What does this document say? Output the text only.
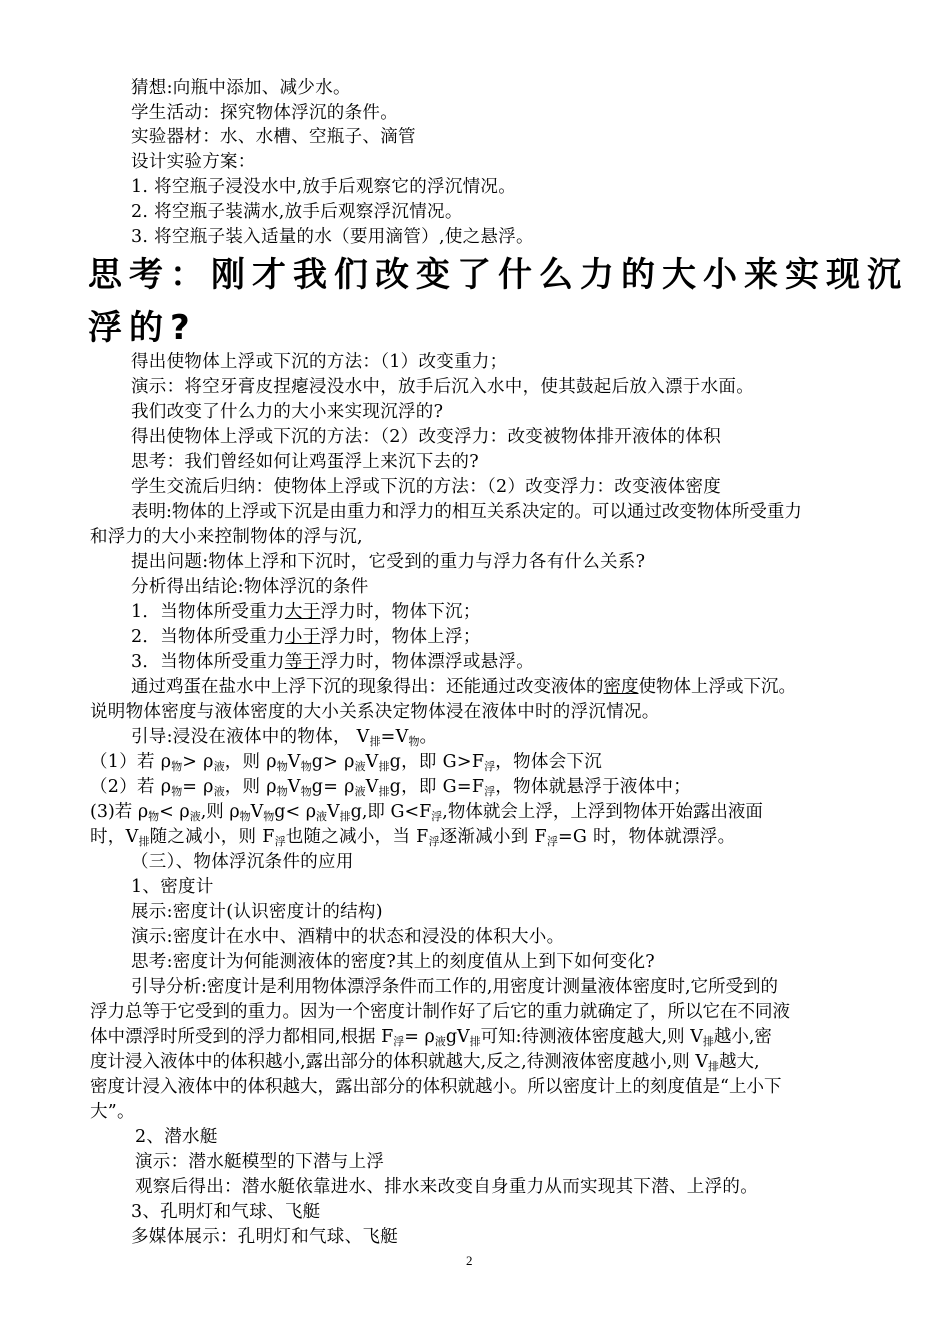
猜想:向瓶中添加、减少水。
学生活动：探究物体浮沉的条件。
实验器材：水、水槽、空瓶子、滴管
设计实验方案：
1. 将空瓶子浸没水中,放手后观察它的浮沉情况。
2. 将空瓶子装满水,放手后观察浮沉情况。
3. 将空瓶子装入适量的水（要用滴管）,使之悬浮。
思考：刚才我们改变了什么力的大小来实现沉
浮的?
得出使物体上浮或下沉的方法：（1）改变重力；
演示：将空牙膏皮捏瘪浸没水中，放手后沉入水中，使其鼓起后放入漂于水面。
我们改变了什么力的大小来实现沉浮的?
得出使物体上浮或下沉的方法：（2）改变浮力：改变被物体排开液体的体积
思考：我们曾经如何让鸡蛋浮上来沉下去的?
学生交流后归纳：使物体上浮或下沉的方法：（2）改变浮力：改变液体密度
表明:物体的上浮或下沉是由重力和浮力的相互关系决定的。可以通过改变物体所受重力
和浮力的大小来控制物体的浮与沉,
提出问题:物体上浮和下沉时，它受到的重力与浮力各有什么关系?
分析得出结论:物体浮沉的条件
1．当物体所受重力大于浮力时，物体下沉；
2．当物体所受重力小于浮力时，物体上浮；
3．当物体所受重力等于浮力时，物体漂浮或悬浮。
通过鸡蛋在盐水中上浮下沉的现象得出：还能通过改变液体的密度使物体上浮或下沉。
说明物体密度与液体密度的大小关系决定物体浸在液体中时的浮沉情况。
引导:浸没在液体中的物体， $V_排=V_物$。
（1）若 $\rho_物> \rho_液$，则 $\rho_物V_物g> \rho_液V_排g$，即 $G>F_浮$，物体会下沉
（2）若 $\rho_物= \rho_液$，则 $\rho_物V_物g= \rho_液V_排g$，即 $G=F_浮$，物体就悬浮于液体中；
(3)若 $\rho_物< \rho_液$,则 $\rho_物V_物g< \rho_液V_排g$,即 $G<F_浮$,物体就会上浮，上浮到物体开始露出液面
时，$V_排$随之减小，则 $F_浮$也随之减小，当 $F_浮$逐渐减小到 $F_浮=G$ 时，物体就漂浮。
（三）、物体浮沉条件的应用
1、密度计
展示:密度计(认识密度计的结构)
演示:密度计在水中、酒精中的状态和浸没的体积大小。
思考:密度计为何能测液体的密度?其上的刻度值从上到下如何变化?
引导分析:密度计是利用物体漂浮条件而工作的,用密度计测量液体密度时,它所受到的
浮力总等于它受到的重力。因为一个密度计制作好了后它的重力就确定了，所以它在不同液
体中漂浮时所受到的浮力都相同,根据 $F_浮= \rho_液gV_排$可知:待测液体密度越大,则 $V_排$越小,密
度计浸入液体中的体积越小,露出部分的体积就越大,反之,待测液体密度越小,则 $V_排$越大,
密度计浸入液体中的体积越大，露出部分的体积就越小。所以密度计上的刻度值是“上小下
大”。
2、潜水艇
演示：潜水艇模型的下潜与上浮
观察后得出：潜水艇依靠进水、排水来改变自身重力从而实现其下潜、上浮的。
3、孔明灯和气球、飞艇
多媒体展示：孔明灯和气球、飞艇
2
